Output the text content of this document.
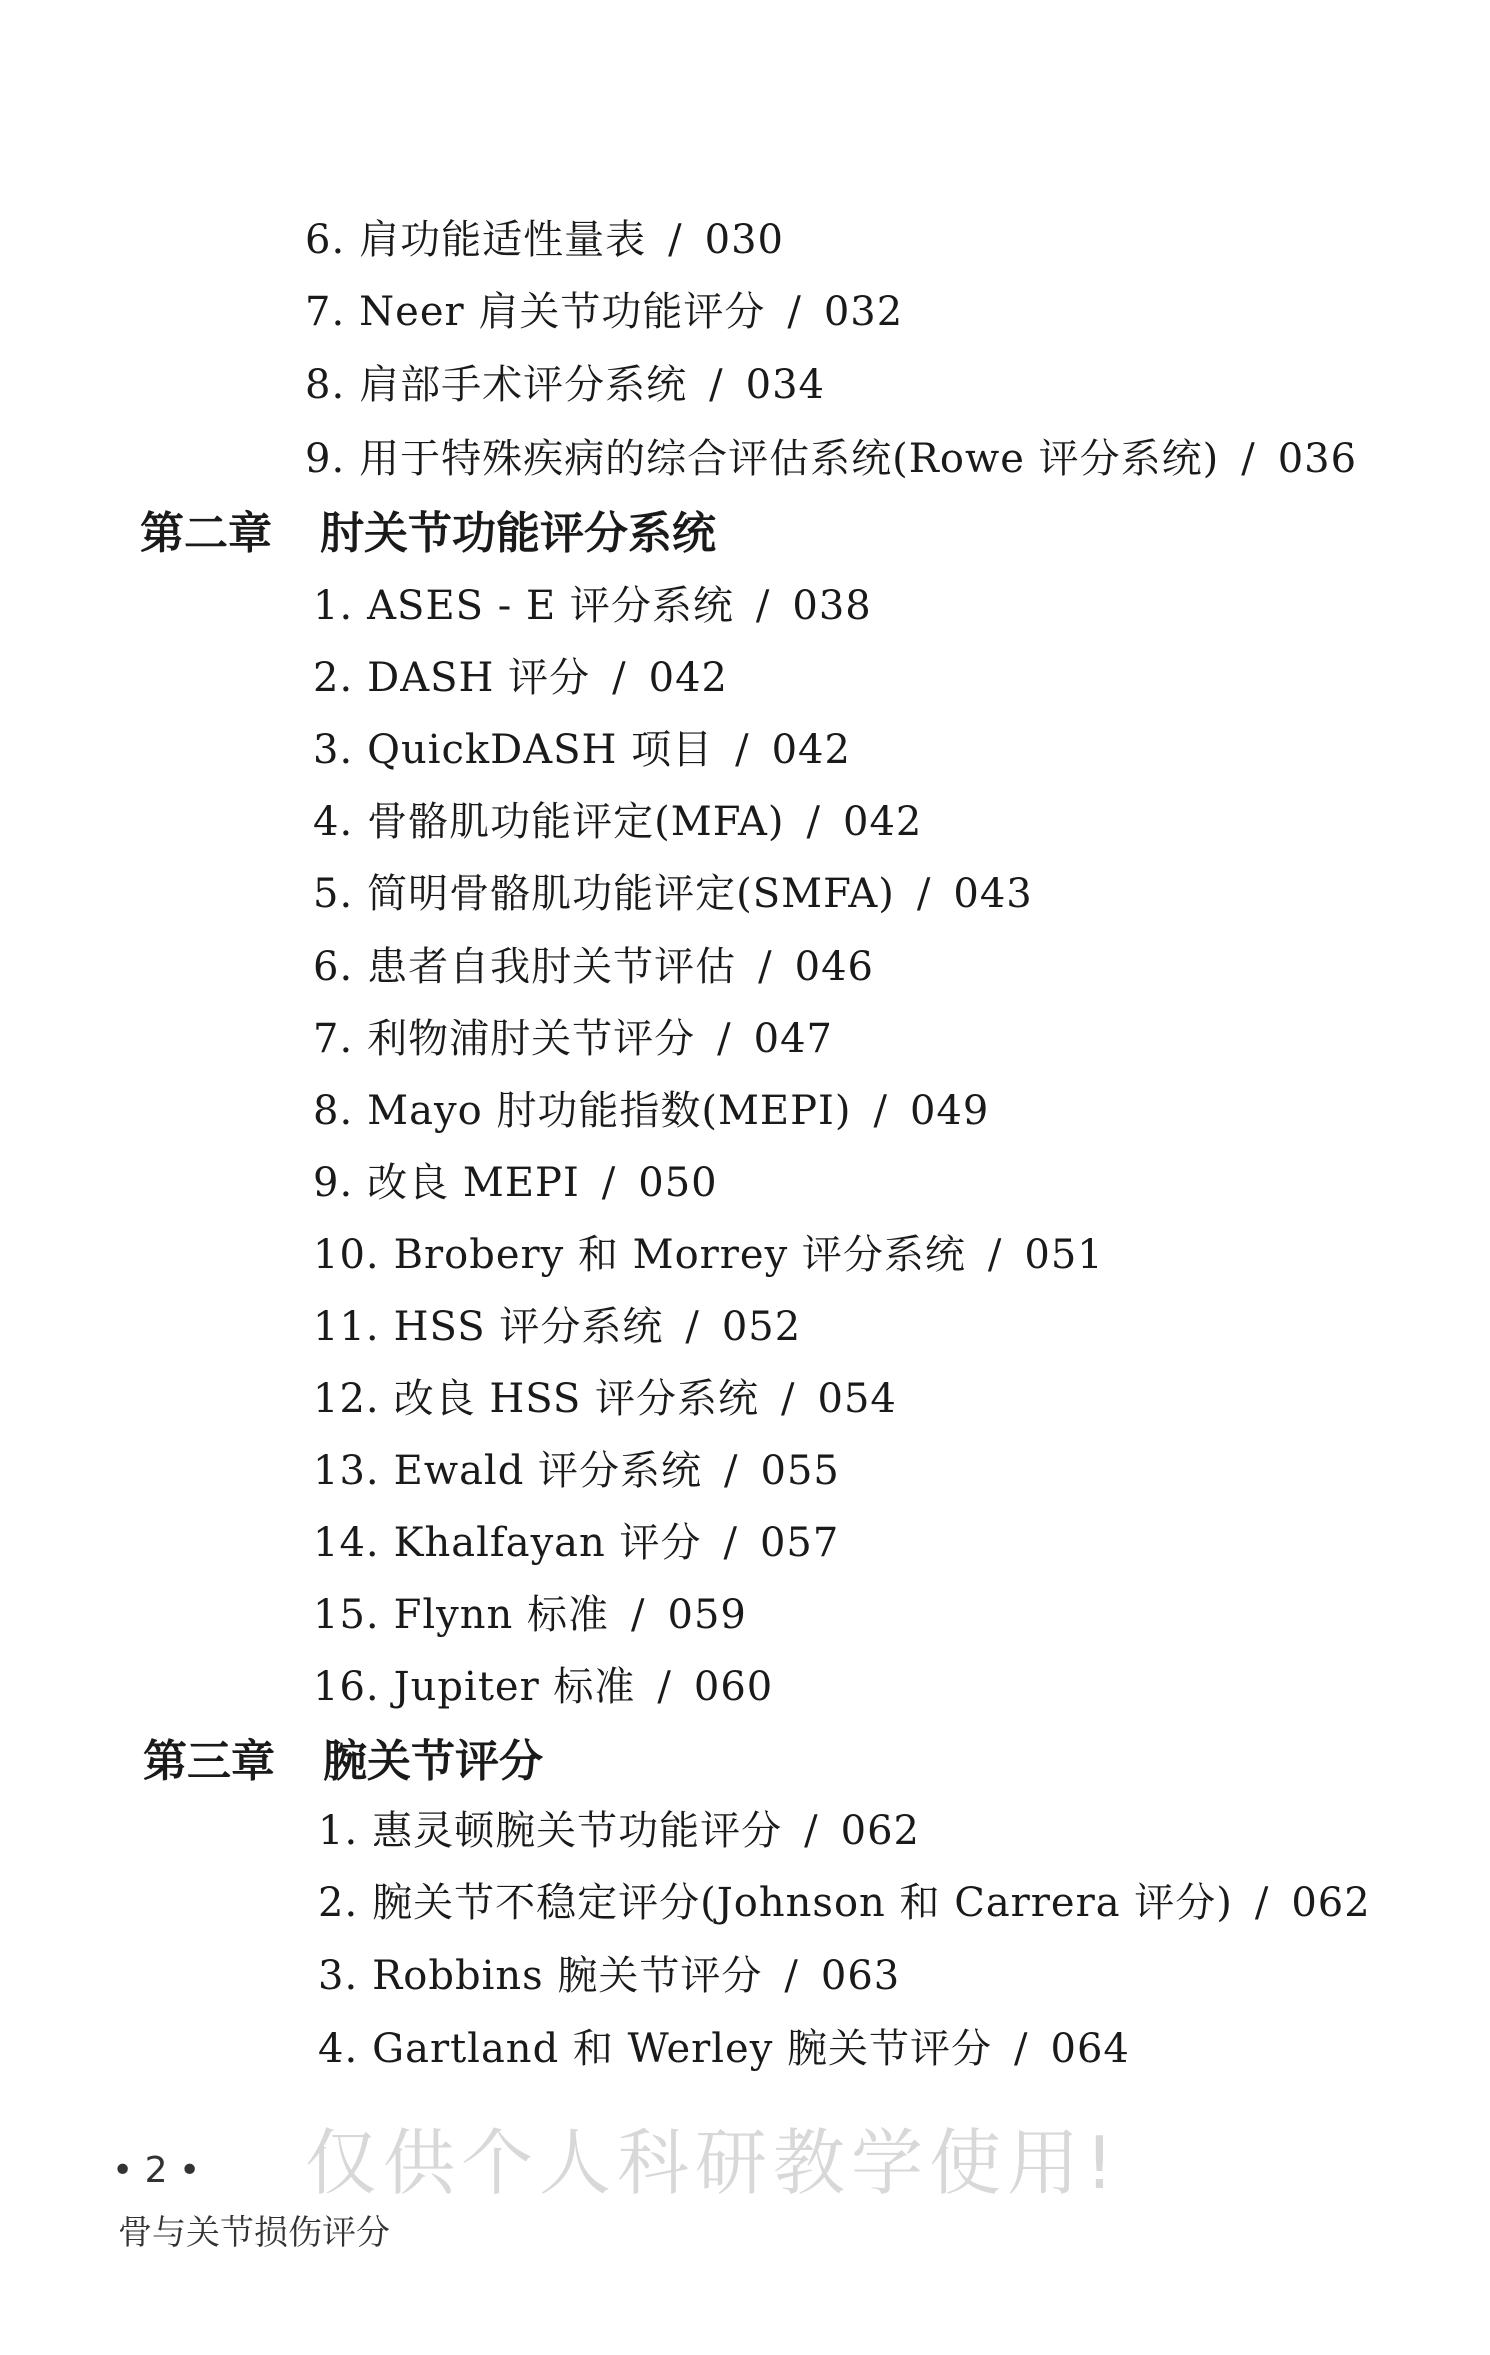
6. 肩功能适性量表 / 030
7. Neer 肩关节功能评分 / 032
8. 肩部手术评分系统 / 034
9. 用于特殊疾病的综合评估系统(Rowe 评分系统) / 036
第二章 肘关节功能评分系统
1. ASES - E 评分系统 / 038
2. DASH 评分 / 042
3. QuickDASH 项目 / 042
4. 骨骼肌功能评定(MFA) / 042
5. 简明骨骼肌功能评定(SMFA) / 043
6. 患者自我肘关节评估 / 046
7. 利物浦肘关节评分 / 047
8. Mayo 肘功能指数(MEPI) / 049
9. 改良 MEPI / 050
10. Brobery 和 Morrey 评分系统 / 051
11. HSS 评分系统 / 052
12. 改良 HSS 评分系统 / 054
13. Ewald 评分系统 / 055
14. Khalfayan 评分 / 057
15. Flynn 标准 / 059
16. Jupiter 标准 / 060
第三章 腕关节评分
1. 惠灵顿腕关节功能评分 / 062
2. 腕关节不稳定评分(Johnson 和 Carrera 评分) / 062
3. Robbins 腕关节评分 / 063
4. Gartland 和 Werley 腕关节评分 / 064
仅供个人科研教学使用!
• 2 •
骨与关节损伤评分
